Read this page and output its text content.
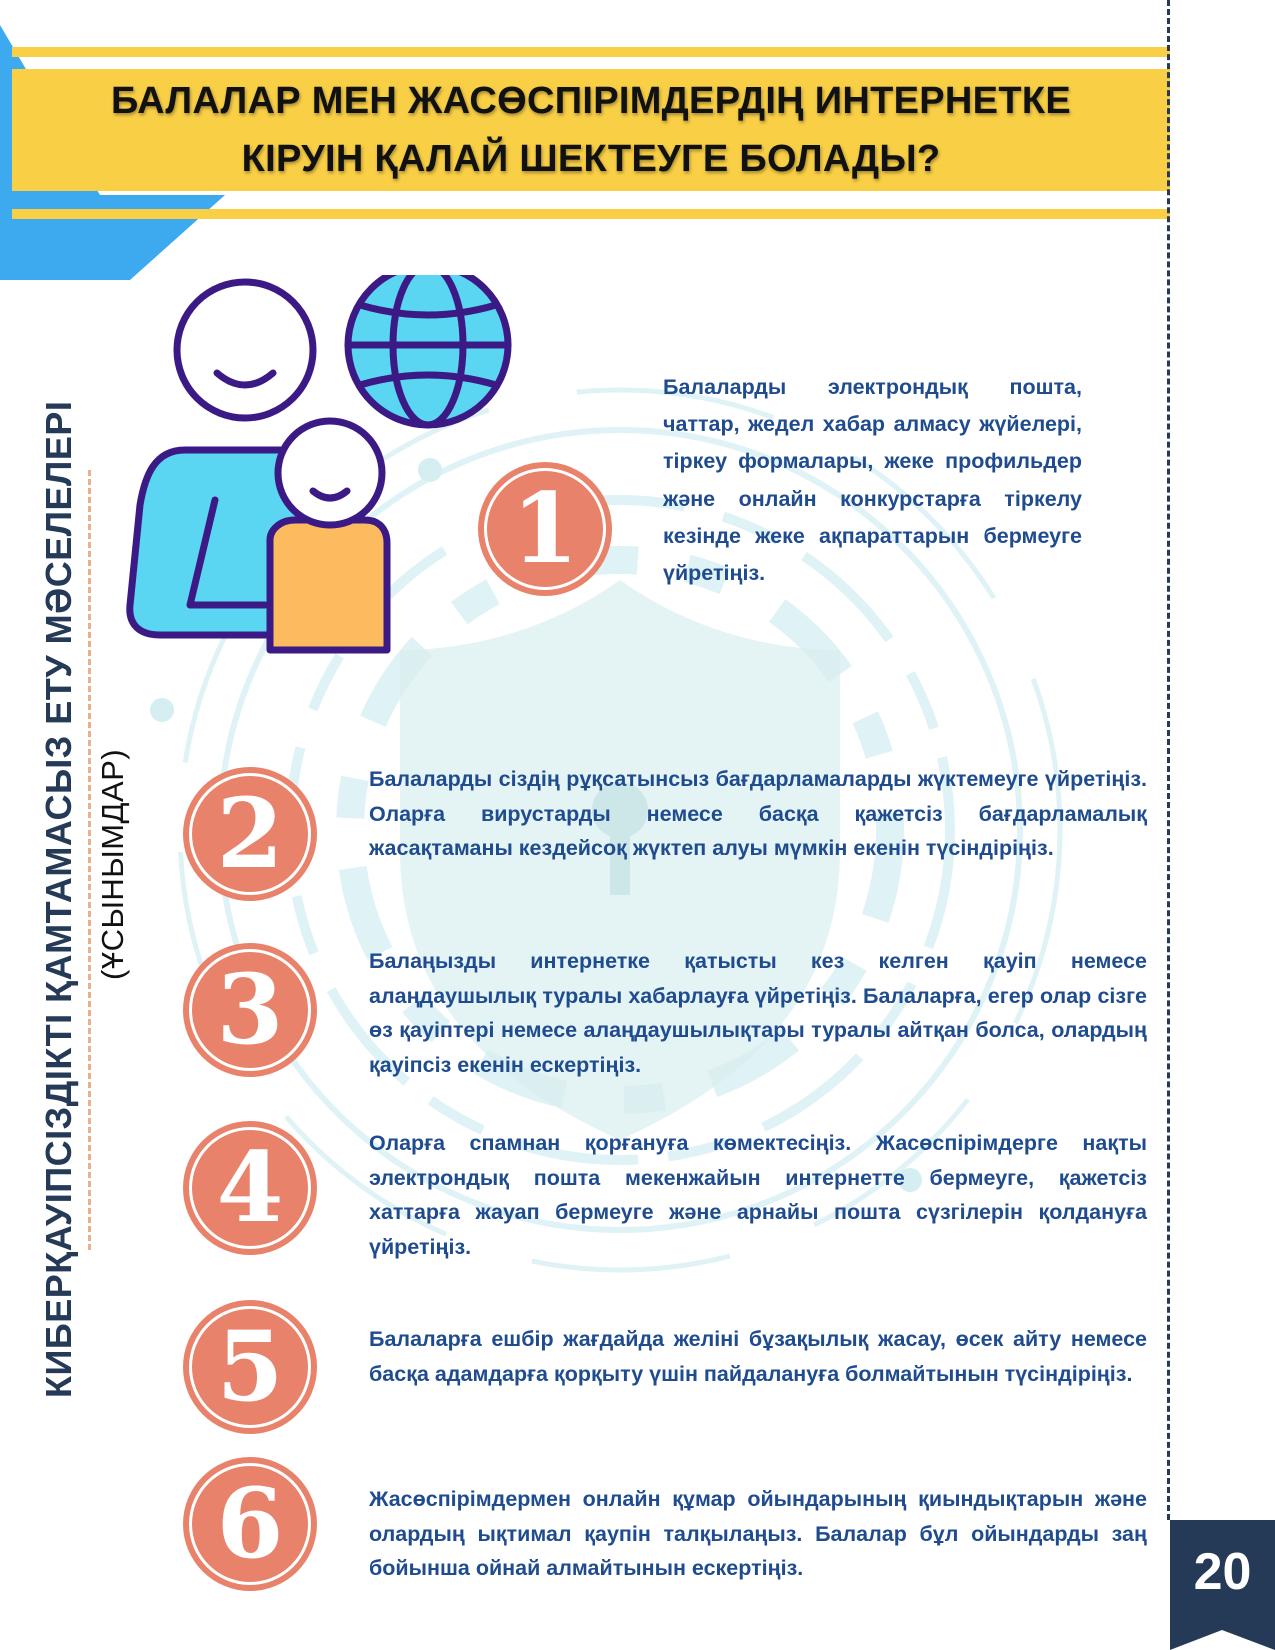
БАЛАЛАР МЕН ЖАСӨСПІРІМДЕРДІҢ ИНТЕРНЕТКЕ
КІРУІН ҚАЛАЙ ШЕКТЕУГЕ БОЛАДЫ?
КИБЕРҚАУІПСІЗДІКТІ ҚАМТАМАСЫЗ ЕТУ МӘСЕЛЕЛЕРІ (ҰСЫНЫМДАР)
1
2
3
4
5
6
Балаларды электрондық пошта, чаттар, жедел хабар алмасу жүйелері, тіркеу формалары, жеке профильдер және онлайн конкурстарға тіркелу кезінде жеке ақпараттарын бермеуге үйретіңіз.
Балаларды сіздің рұқсатынсыз бағдарламаларды жүктемеуге үйретіңіз. Оларға вирустарды немесе басқа қажетсіз бағдарламалық жасақтаманы кездейсоқ жүктеп алуы мүмкін екенін түсіндіріңіз.
Балаңызды интернетке қатысты кез келген қауіп немесе алаңдаушылық туралы хабарлауға үйретіңіз. Балаларға, егер олар сізге өз қауіптері немесе алаңдаушылықтары туралы айтқан болса, олардың қауіпсіз екенін ескертіңіз.
Оларға спамнан қорғануға көмектесіңіз. Жасөспірімдерге нақты электрондық пошта мекенжайын интернетте бермеуге, қажетсіз хаттарға жауап бермеуге және арнайы пошта сүзгілерін қолдануға үйретіңіз.
Балаларға ешбір жағдайда желіні бұзақылық жасау, өсек айту немесе басқа адамдарға қорқыту үшін пайдалануға болмайтынын түсіндіріңіз.
Жасөспірімдермен онлайн құмар ойындарының қиындықтарын және олардың ықтимал қаупін талқылаңыз. Балалар бұл ойындарды заң бойынша ойнай алмайтынын ескертіңіз.	20
